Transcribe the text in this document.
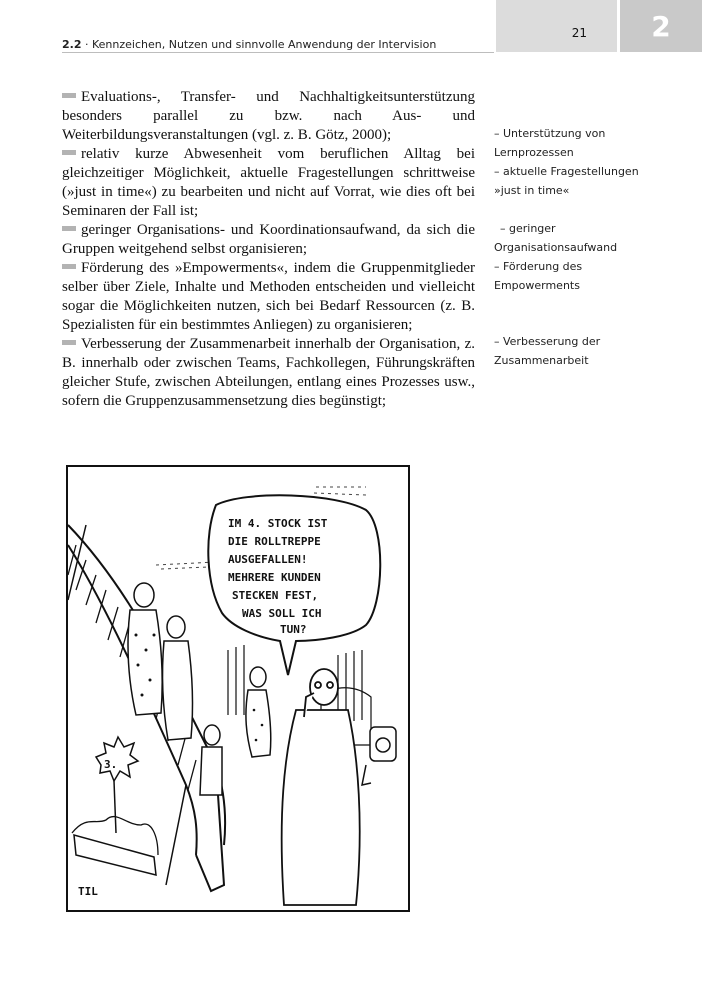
2.2 · Kennzeichen, Nutzen und sinnvolle Anwendung der Intervision
21	2

Evaluations-, Transfer- und Nachhaltigkeitsunterstützung besonders parallel zu bzw. nach Aus- und Weiterbildungsveranstaltungen (vgl. z. B. Götz, 2000);

relativ kurze Abwesenheit vom beruflichen Alltag bei gleichzeitiger Möglichkeit, aktuelle Fragestellungen schrittweise (»just in time«) zu bearbeiten und nicht auf Vorrat, wie dies oft bei Seminaren der Fall ist;

geringer Organisations- und Koordinationsaufwand, da sich die Gruppen weitgehend selbst organisieren;

Förderung des »Empowerments«, indem die Gruppenmitglieder selber über Ziele, Inhalte und Methoden entscheiden und vielleicht sogar die Möglichkeiten nutzen, sich bei Bedarf Ressourcen (z. B. Spezialisten für ein bestimmtes Anliegen) zu organisieren;

Verbesserung der Zusammenarbeit innerhalb der Organisation, z. B. innerhalb oder zwischen Teams, Fachkollegen, Führungskräften gleicher Stufe, zwischen Abteilungen, entlang eines Prozesses usw., sofern die Gruppenzusammensetzung dies begünstigt;

– Unterstützung von
Lernprozessen
– aktuelle Fragestellungen
»just in time«
– geringer
Organisationsaufwand
– Förderung des
Empowerments
– Verbesserung der
Zusammenarbeit
3.
IM 4. STOCK IST
DIE ROLLTREPPE
AUSGEFALLEN!
MEHRERE KUNDEN
STECKEN FEST,
WAS SOLL ICH
TUN?
TIL
